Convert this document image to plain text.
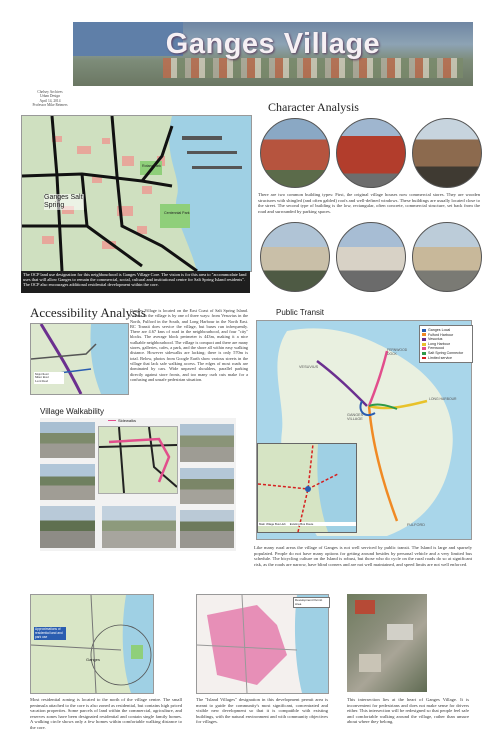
Ganges Village
Chelsey Archives
Urban Design
April 14, 2014
Professor Mike Reimers
Ganges Salt Spring
Rotary Park
Centennial Park
The OCP land use designation for this neighbourhood is Ganges Village Core. The vision is for this area to "accommodate land uses that will allow Ganges to remain the commercial, social, cultural and institutional centre for Salt Spring Island residents". The OCP also encourages additional residential development within the core.
Character Analysis
There are two common building types: First, the original village houses now commercial stores. They are wooden structures with shingled (and often gabled) roofs and well-defined windows. These buildings are usually located close to the street. The second type of building is the low, rectangular, often concrete, commercial structure, set back from the road and surrounded by parking spaces.
Accessibility Analysis
Ganges Village is located on the East Coast of Salt Spring Island. Access to the village is by one of three ways: from Vesuvius in the North, Fulford in the South, and Long Harbour in the North East. BC Transit does service the village, but buses run infrequently. There are 4.67 kms of road in the neighbourhood, and four "city" blocks. The average block perimeter is 443m, making it a nice walkable neighbourhood. The village is compact and there are many stores, galleries, cafes, a park, and the shore all within easy walking distance. However sidewalks are lacking; there is only 570m is total. Below, photos from Google Earth show various streets in the village that lack safe walking access. The edges of most roads are dominated by cars. Wide unpaved shoulders, parallel parking directly against store fronts, and too many curb cuts make for a confusing and unsafe pedestrian situation.
Major Road
Minor Road
Local Road
Village Walkability
Sidewalks
Public Transit
VESUVIUS
FERNWOOD DOCK
GANGES VILLAGE
LONG HARBOUR
FULFORD
Ganges Local
Fulford Harbour
Vesuvius
Long Harbour
Fernwood
Salt Spring Connector
Limited service
Main Village Bus Hub Existing Bus Route
Like many rural areas the village of Ganges is not well serviced by public transit. The Island is large and sparsely populated. People do not have many options for getting around besides by personal vehicle and a very limited bus schedule. The bicycling culture on the Island is robust, but those who do cycle on the rural roads do so at significant risk, as the roads are narrow, have blind corners and are not well maintained, and speed limits are not well enforced.
Approximations of residential land and park use
Ganges
Most residential zoning is located to the north of the village centre. The small peninsula attached to the core is also zoned as residential, but contains high priced vacation properties. Some parcels of land within the commercial, agriculture, and reserves zones have been designated residential and contain single family homes. A walking circle shows only a few homes within comfortable walking distance to the core.
Development Permit Area
The "Island Villages" designation in this development permit area is meant to guide the community's most significant, concentrated and visible new development so that it is compatible with existing buildings, with the natural environment and with community objectives for villages.
This intersection lies at the heart of Ganges Village. It is inconvenient for pedestrians and does not make sense for drivers either. This intersection will be redesigned so that people feel safe and comfortable walking around the village, rather than unsure about where they belong.
